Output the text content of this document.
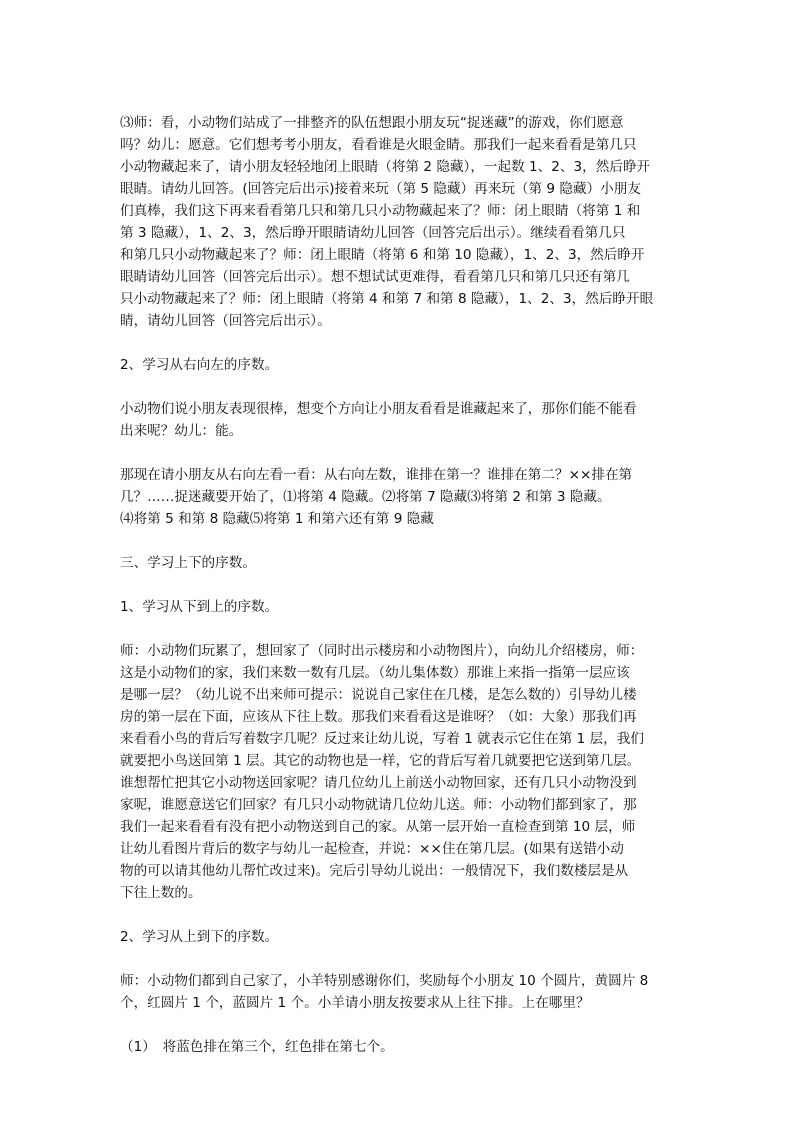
⑶师：看，小动物们站成了一排整齐的队伍想跟小朋友玩“捉迷藏”的游戏，你们愿意
吗？幼儿：愿意。它们想考考小朋友，看看谁是火眼金睛。那我们一起来看看是第几只
小动物藏起来了，请小朋友轻轻地闭上眼睛（将第 2 隐藏），一起数 1、2、3，然后睁开
眼睛。请幼儿回答。(回答完后出示)接着来玩（第 5 隐藏）再来玩（第 9 隐藏）小朋友
们真棒，我们这下再来看看第几只和第几只小动物藏起来了？师：闭上眼睛（将第 1 和
第 3 隐藏），1、2、3，然后睁开眼睛请幼儿回答（回答完后出示）。继续看看第几只
和第几只小动物藏起来了？师：闭上眼睛（将第 6 和第 10 隐藏），1、2、3，然后睁开
眼睛请幼儿回答（回答完后出示）。想不想试试更难得，看看第几只和第几只还有第几
只小动物藏起来了？师：闭上眼睛（将第 4 和第 7 和第 8 隐藏），1、2、3，然后睁开眼
睛，请幼儿回答（回答完后出示）。

2、学习从右向左的序数。

小动物们说小朋友表现很棒，想变个方向让小朋友看看是谁藏起来了，那你们能不能看
出来呢？幼儿：能。

那现在请小朋友从右向左看一看：从右向左数，谁排在第一？谁排在第二？××排在第
几？……捉迷藏要开始了，⑴将第 4 隐藏。⑵将第 7 隐藏⑶将第 2 和第 3 隐藏。
⑷将第 5 和第 8 隐藏⑸将第 1 和第六还有第 9 隐藏

三、学习上下的序数。

1、学习从下到上的序数。

师：小动物们玩累了，想回家了（同时出示楼房和小动物图片），向幼儿介绍楼房，师：
这是小动物们的家，我们来数一数有几层。（幼儿集体数）那谁上来指一指第一层应该
是哪一层？（幼儿说不出来师可提示：说说自己家住在几楼，是怎么数的）引导幼儿楼
房的第一层在下面，应该从下往上数。那我们来看看这是谁呀？（如：大象）那我们再
来看看小鸟的背后写着数字几呢？反过来让幼儿说，写着 1 就表示它住在第 1 层，我们
就要把小鸟送回第 1 层。其它的动物也是一样，它的背后写着几就要把它送到第几层。
谁想帮忙把其它小动物送回家呢？请几位幼儿上前送小动物回家，还有几只小动物没到
家呢，谁愿意送它们回家？有几只小动物就请几位幼儿送。师：小动物们都到家了，那
我们一起来看看有没有把小动物送到自己的家。从第一层开始一直检查到第 10 层，师
让幼儿看图片背后的数字与幼儿一起检查，并说：××住在第几层。(如果有送错小动
物的可以请其他幼儿帮忙改过来)。完后引导幼儿说出：一般情况下，我们数楼层是从
下往上数的。

2、学习从上到下的序数。

师：小动物们都到自己家了，小羊特别感谢你们，奖励每个小朋友 10 个圆片，黄圆片 8
个，红圆片 1 个，蓝圆片 1 个。小羊请小朋友按要求从上往下排。上在哪里？

（1）　将蓝色排在第三个，红色排在第七个。
